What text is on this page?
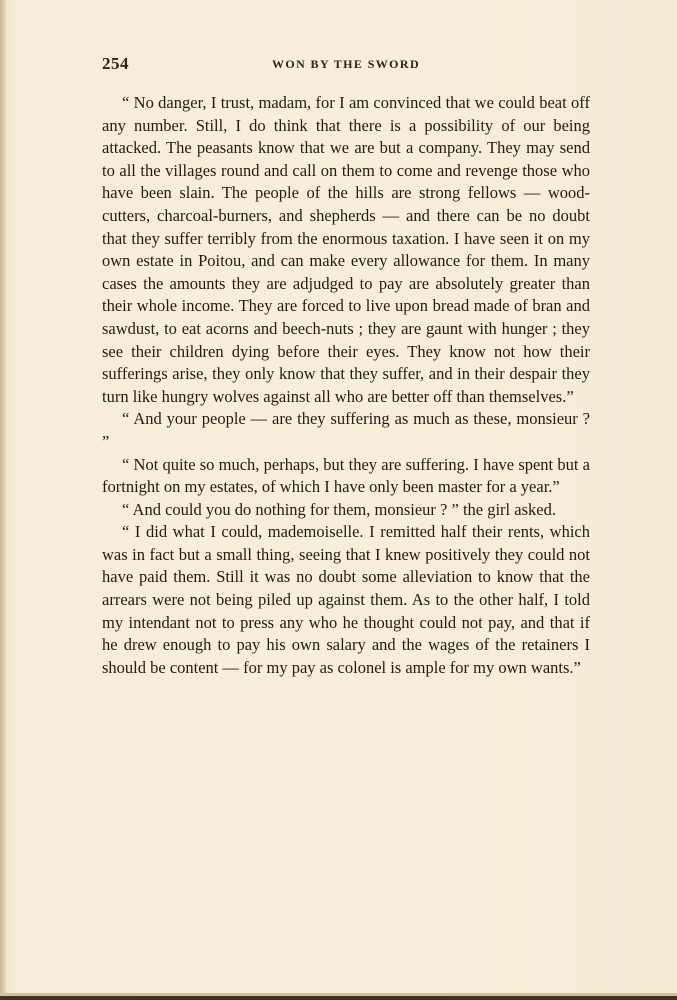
254	WON BY THE SWORD

“ No danger, I trust, madam, for I am convinced that we could beat off any number. Still, I do think that there is a possibility of our being attacked. The peasants know that we are but a company. They may send to all the villages round and call on them to come and revenge those who have been slain. The people of the hills are strong fellows — wood-cutters, charcoal-burners, and shepherds — and there can be no doubt that they suffer terribly from the enormous taxation. I have seen it on my own estate in Poitou, and can make every allowance for them. In many cases the amounts they are adjudged to pay are absolutely greater than their whole income. They are forced to live upon bread made of bran and sawdust, to eat acorns and beech-nuts ; they are gaunt with hunger ; they see their children dying before their eyes. They know not how their sufferings arise, they only know that they suffer, and in their despair they turn like hungry wolves against all who are better off than themselves.”

“ And your people — are they suffering as much as these, monsieur ? ”

“ Not quite so much, perhaps, but they are suffering. I have spent but a fortnight on my estates, of which I have only been master for a year.”

“ And could you do nothing for them, monsieur ? ” the girl asked.

“ I did what I could, mademoiselle. I remitted half their rents, which was in fact but a small thing, seeing that I knew positively they could not have paid them. Still it was no doubt some alleviation to know that the arrears were not being piled up against them. As to the other half, I told my intendant not to press any who he thought could not pay, and that if he drew enough to pay his own salary and the wages of the retainers I should be content — for my pay as colonel is ample for my own wants.”
